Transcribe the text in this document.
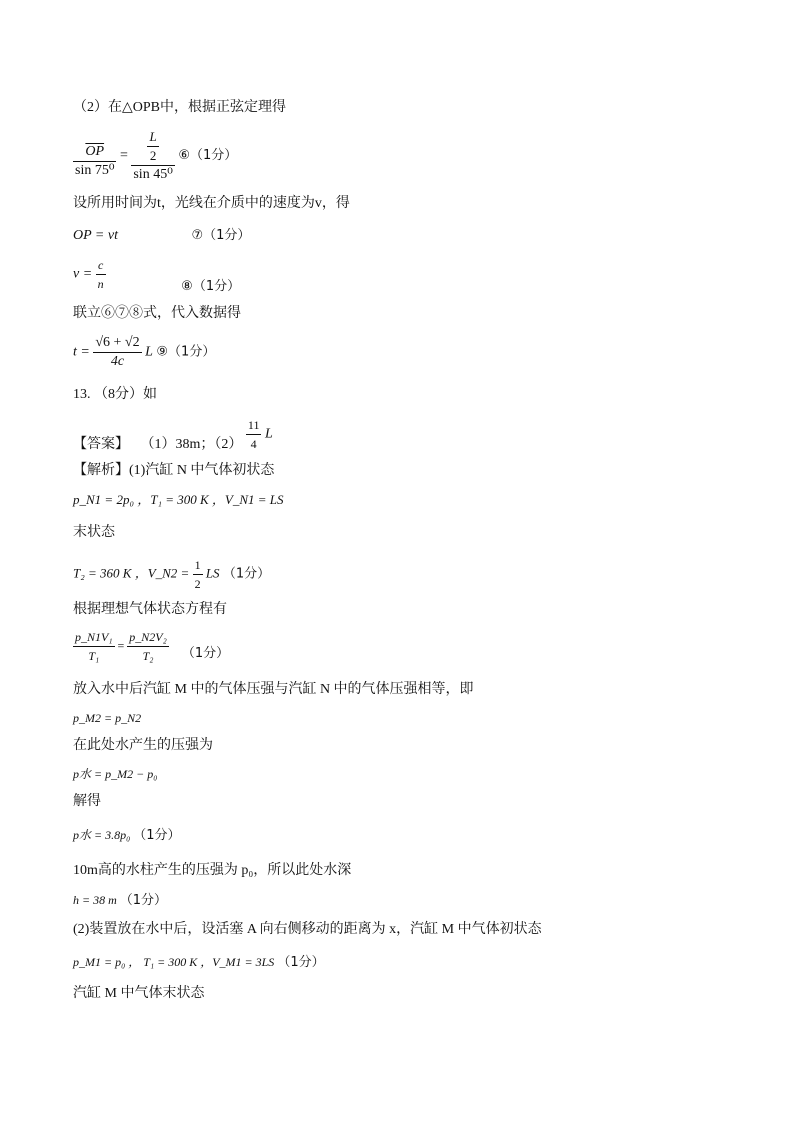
（2）在△OPB中，根据正弦定理得
$\frac{\overline{OP}}{\text{sin 75⁰}} = \frac{\frac{L}{2}}{\text{sin 45⁰}}$ ⑥（1分）
设所用时间为t，光线在介质中的速度为v，得
OP = vt	⑦（1分）
$v = \frac{c}{n}$	⑧（1分）
联立⑥⑦⑧式，代入数据得
$t = \frac{√6 + √2}{4c}$ L ⑨（1分）
13. （8分）如
【答案】 （1）38m；$(2) \frac{11}{4}$ L
【解析】(1)汽缸 N 中气体初状态
p_N1 = 2p₀ ，T₁ = 300 K ，V_N1 = LS
末状态
T₂ = 360 K ，V_N2 = $\frac{1}{2}$ LS （1分）
根据理想气体状态方程有
$\frac{\text{p\_N1V₁}}{\text{T₁}} = \frac{\text{p\_N2V₂}}{\text{T₂}} (1$分）
放入水中后汽缸 M 中的气体压强与汽缸 N 中的气体压强相等，即
p_M2 = p_N2
在此处水产生的压强为
p水 = p_M2 − p₀
解得
p水 = 3.8p₀ （1分）
10m高的水柱产生的压强为 p₀，所以此处水深
h = 38 m （1分）
(2)装置放在水中后，设活塞 A 向右侧移动的距离为 x，汽缸 M 中气体初状态
p_M1 = p₀ ， T₁ = 300 K ，V_M1 = 3LS （1分）
汽缸 M 中气体末状态
